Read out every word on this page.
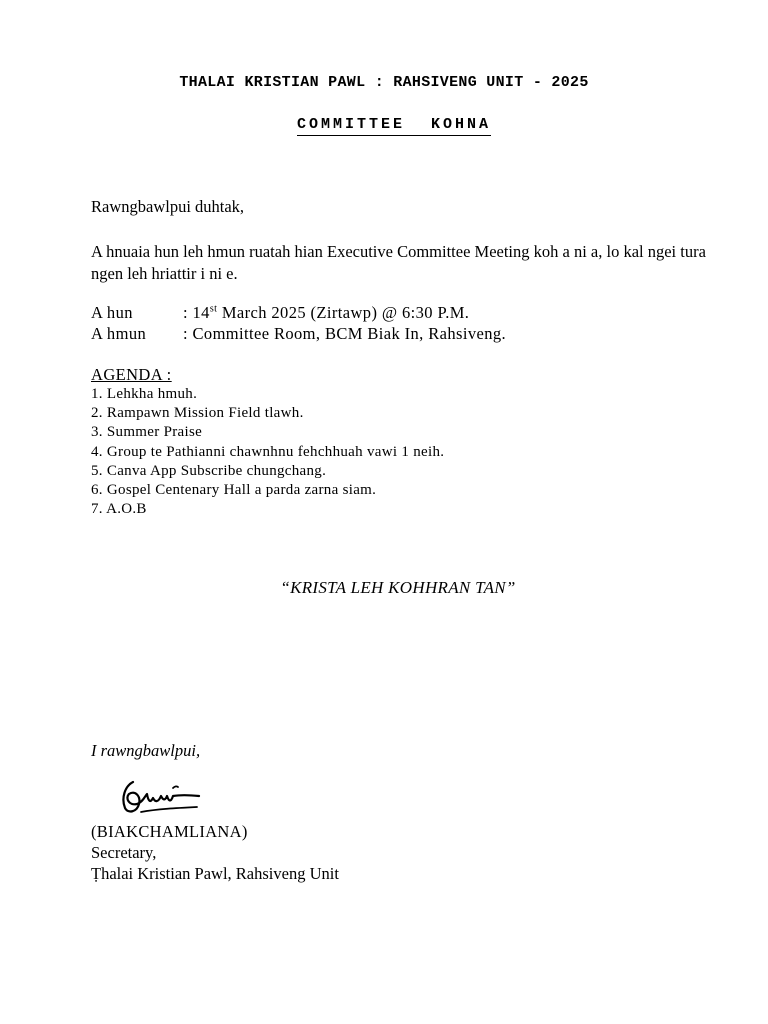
THALAI KRISTIAN PAWL : RAHSIVENG UNIT - 2025
COMMITTEE KOHNA
Rawngbawlpui duhtak,
A hnuaia hun leh hmun ruatah hian Executive Committee Meeting koh a ni a, lo kal ngei tura ngen leh hriattir i ni e.
A hun	: 14st March 2025 (Zirtawp) @ 6:30 P.M.
A hmun : Committee Room, BCM Biak In, Rahsiveng.
AGENDA :
1. Lehkha hmuh.
2. Rampawn Mission Field tlawh.
3. Summer Praise
4. Group te Pathianni chawnhnu fehchhuah vawi 1 neih.
5. Canva App Subscribe chungchang.
6. Gospel Centenary Hall a parda zarna siam.
7. A.O.B
“KRISTA LEH KOHHRAN TAN”
I rawngbawlpui,
(BIAKCHAMLIANA)
Secretary,
Ṭhalai Kristian Pawl, Rahsiveng Unit
